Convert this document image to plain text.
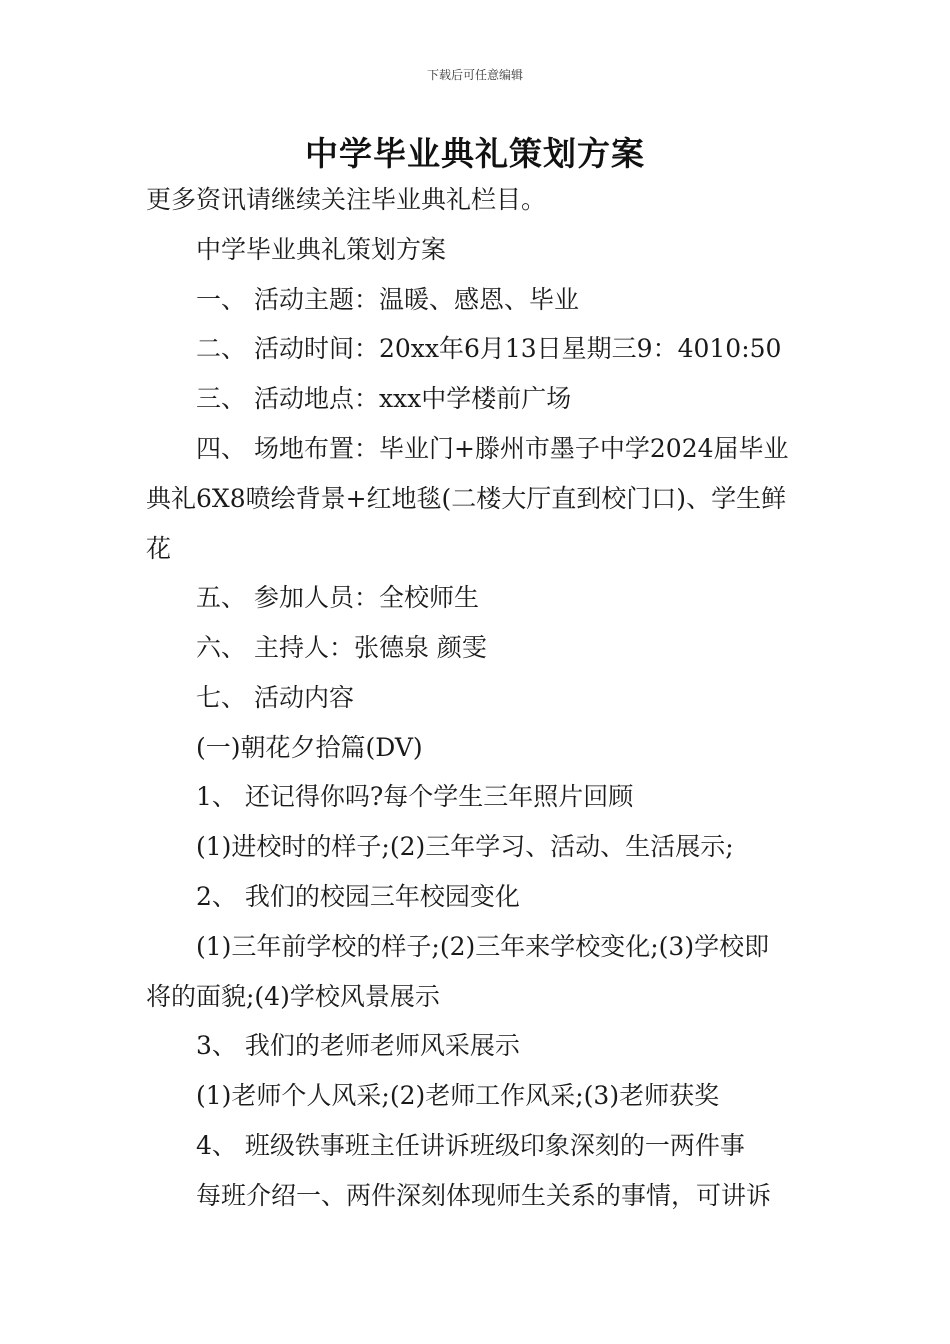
下载后可任意编辑
中学毕业典礼策划方案
更多资讯请继续关注毕业典礼栏目。
中学毕业典礼策划方案
一、 活动主题：温暖、感恩、毕业
二、 活动时间：20xx年6月13日星期三9：4010:50
三、 活动地点：xxx中学楼前广场
四、 场地布置：毕业门+滕州市墨子中学2024届毕业
典礼6X8喷绘背景+红地毯(二楼大厅直到校门口)、学生鲜
花
五、 参加人员：全校师生
六、 主持人：张德泉 颜雯
七、 活动内容
(一)朝花夕拾篇(DV)
1、 还记得你吗?每个学生三年照片回顾
(1)进校时的样子;(2)三年学习、活动、生活展示;
2、 我们的校园三年校园变化
(1)三年前学校的样子;(2)三年来学校变化;(3)学校即
将的面貌;(4)学校风景展示
3、 我们的老师老师风采展示
(1)老师个人风采;(2)老师工作风采;(3)老师获奖
4、 班级铁事班主任讲诉班级印象深刻的一两件事
每班介绍一、两件深刻体现师生关系的事情，可讲诉
